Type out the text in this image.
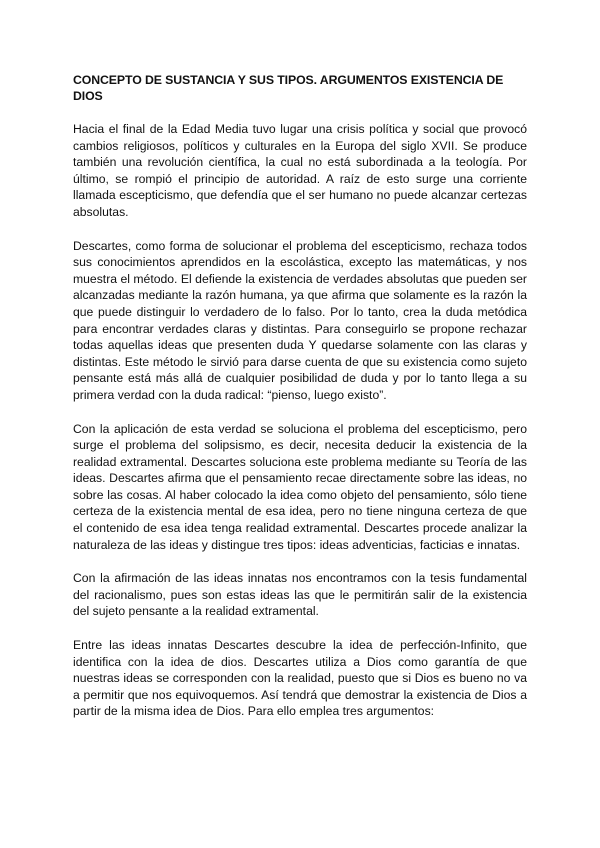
CONCEPTO DE SUSTANCIA Y SUS TIPOS. ARGUMENTOS EXISTENCIA DE DIOS

Hacia el final de la Edad Media tuvo lugar una crisis política y social que provocó cambios religiosos, políticos y culturales en la Europa del siglo XVII. Se produce también una revolución científica, la cual no está subordinada a la teología. Por último, se rompió el principio de autoridad. A raíz de esto surge una corriente llamada escepticismo, que defendía que el ser humano no puede alcanzar certezas absolutas.

Descartes, como forma de solucionar el problema del escepticismo, rechaza todos sus conocimientos aprendidos en la escolástica, excepto las matemáticas, y nos muestra el método. El defiende la existencia de verdades absolutas que pueden ser alcanzadas mediante la razón humana, ya que afirma que solamente es la razón la que puede distinguir lo verdadero de lo falso. Por lo tanto, crea la duda metódica para encontrar verdades claras y distintas. Para conseguirlo se propone rechazar todas aquellas ideas que presenten duda Y quedarse solamente con las claras y distintas. Este método le sirvió para darse cuenta de que su existencia como sujeto pensante está más allá de cualquier posibilidad de duda y por lo tanto llega a su primera verdad con la duda radical: “pienso, luego existo”.

Con la aplicación de esta verdad se soluciona el problema del escepticismo, pero surge el problema del solipsismo, es decir, necesita deducir la existencia de la realidad extramental. Descartes soluciona este problema mediante su Teoría de las ideas. Descartes afirma que el pensamiento recae directamente sobre las ideas, no sobre las cosas. Al haber colocado la idea como objeto del pensamiento, sólo tiene certeza de la existencia mental de esa idea, pero no tiene ninguna certeza de que el contenido de esa idea tenga realidad extramental. Descartes procede analizar la naturaleza de las ideas y distingue tres tipos: ideas adventicias, facticias e innatas.

Con la afirmación de las ideas innatas nos encontramos con la tesis fundamental del racionalismo, pues son estas ideas las que le permitirán salir de la existencia del sujeto pensante a la realidad extramental.

Entre las ideas innatas Descartes descubre la idea de perfección-Infinito, que identifica con la idea de dios. Descartes utiliza a Dios como garantía de que nuestras ideas se corresponden con la realidad, puesto que si Dios es bueno no va a permitir que nos equivoquemos. Así tendrá que demostrar la existencia de Dios a partir de la misma idea de Dios. Para ello emplea tres argumentos:
